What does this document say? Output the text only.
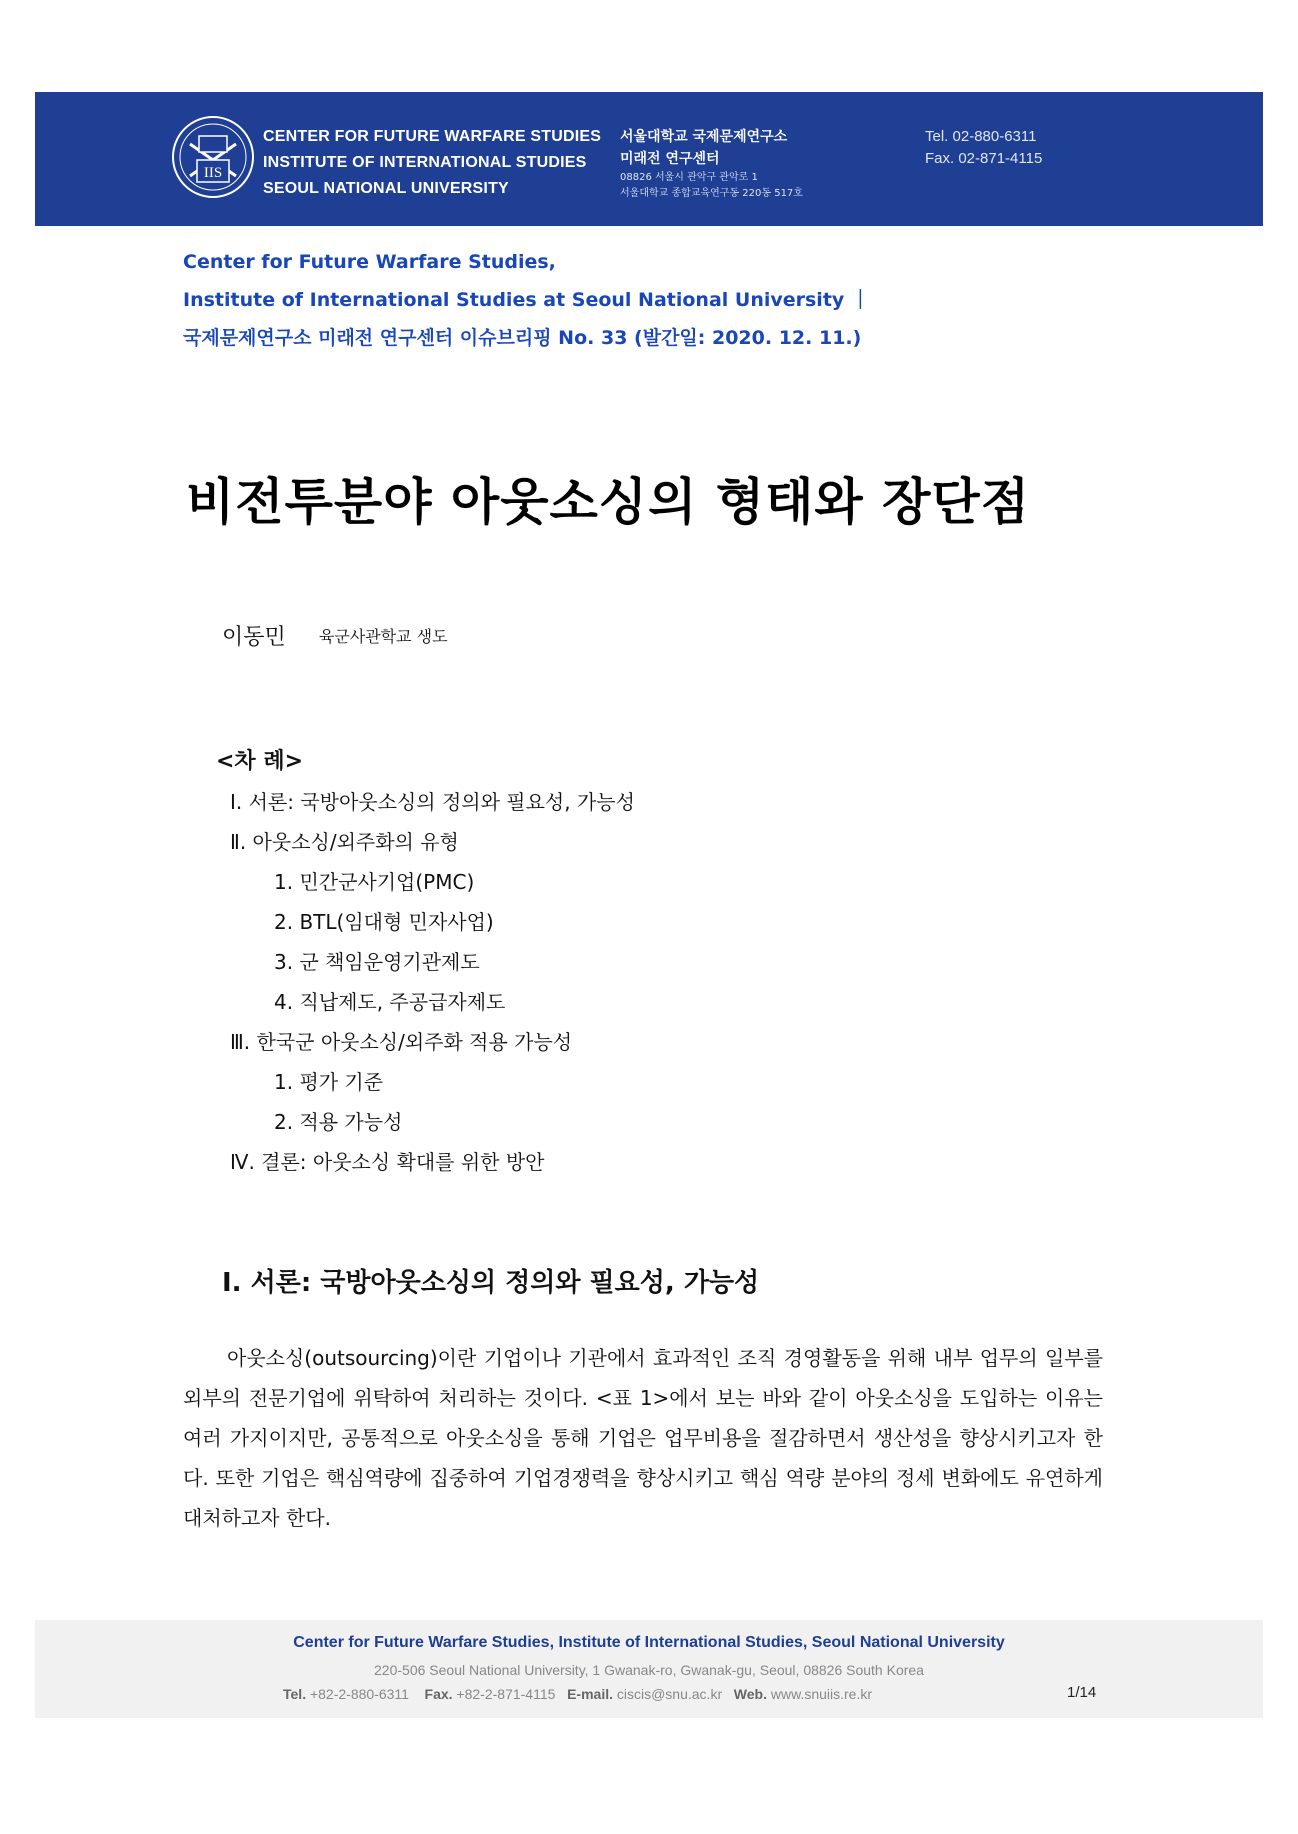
IIS
CENTER FOR FUTURE WARFARE STUDIES
INSTITUTE OF INTERNATIONAL STUDIES
SEOUL NATIONAL UNIVERSITY
서울대학교 국제문제연구소
미래전 연구센터
08826 서울시 관악구 관악로 1
서울대학교 종합교육연구동 220동 517호
Tel. 02-880-6311
Fax. 02-871-4115
Center for Future Warfare Studies,
Institute of International Studies at Seoul National University ｜
국제문제연구소 미래전 연구센터 이슈브리핑 No. 33 (발간일: 2020. 12. 11.)
비전투분야 아웃소싱의 형태와 장단점
이동민 육군사관학교 생도
<차 례>
Ⅰ. 서론: 국방아웃소싱의 정의와 필요성, 가능성
Ⅱ. 아웃소싱/외주화의 유형
1. 민간군사기업(PMC)
2. BTL(임대형 민자사업)
3. 군 책임운영기관제도
4. 직납제도, 주공급자제도
Ⅲ. 한국군 아웃소싱/외주화 적용 가능성
1. 평가 기준
2. 적용 가능성
Ⅳ. 결론: 아웃소싱 확대를 위한 방안
Ⅰ. 서론: 국방아웃소싱의 정의와 필요성, 가능성
아웃소싱(outsourcing)이란 기업이나 기관에서 효과적인 조직 경영활동을 위해 내부 업무의 일부를 외부의 전문기업에 위탁하여 처리하는 것이다. <표 1>에서 보는 바와 같이 아웃소싱을 도입하는 이유는 여러 가지이지만, 공통적으로 아웃소싱을 통해 기업은 업무비용을 절감하면서 생산성을 향상시키고자 한다. 또한 기업은 핵심역량에 집중하여 기업경쟁력을 향상시키고 핵심 역량 분야의 정세 변화에도 유연하게 대처하고자 한다.
Center for Future Warfare Studies, Institute of International Studies, Seoul National University
220-506 Seoul National University, 1 Gwanak-ro, Gwanak-gu, Seoul, 08826 South Korea
Tel. +82-2-880-6311 Fax. +82-2-871-4115 E-mail. ciscis@snu.ac.kr Web. www.snuiis.re.kr	1/14
